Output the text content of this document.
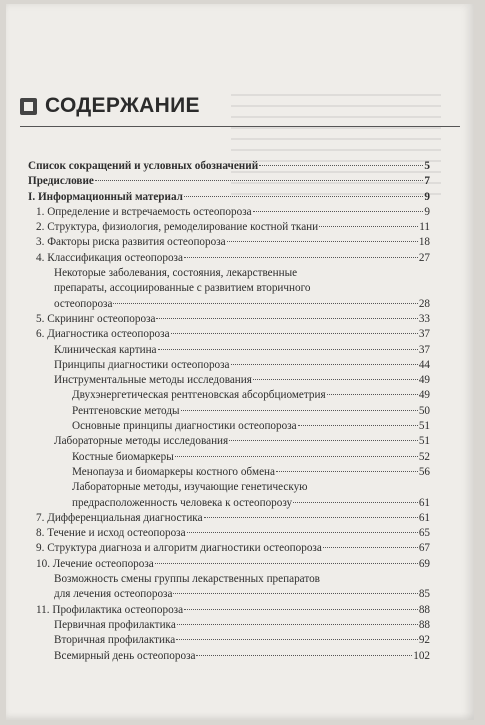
СОДЕРЖАНИЕ
Список сокращений и условных обозначений	5
Предисловие	7
I. Информационный материал	9
1. Определение и встречаемость остеопороза	9
2. Структура, физиология, ремоделирование костной ткани	11
3. Факторы риска развития остеопороза	18
4. Классификация остеопороза	27
Некоторые заболевания, состояния, лекарственные
препараты, ассоциированные с развитием вторичного
остеопороза	28
5. Скрининг остеопороза	33
6. Диагностика остеопороза	37
Клиническая картина	37
Принципы диагностики остеопороза	44
Инструментальные методы исследования	49
Двухэнергетическая рентгеновская абсорбциометрия	49
Рентгеновские методы	50
Основные принципы диагностики остеопороза	51
Лабораторные методы исследования	51
Костные биомаркеры	52
Менопауза и биомаркеры костного обмена	56
Лабораторные методы, изучающие генетическую
предрасположенность человека к остеопорозу	61
7. Дифференциальная диагностика	61
8. Течение и исход остеопороза	65
9. Структура диагноза и алгоритм диагностики остеопороза	67
10. Лечение остеопороза	69
Возможность смены группы лекарственных препаратов
для лечения остеопороза	85
11. Профилактика остеопороза	88
Первичная профилактика	88
Вторичная профилактика	92
Всемирный день остеопороза	102
